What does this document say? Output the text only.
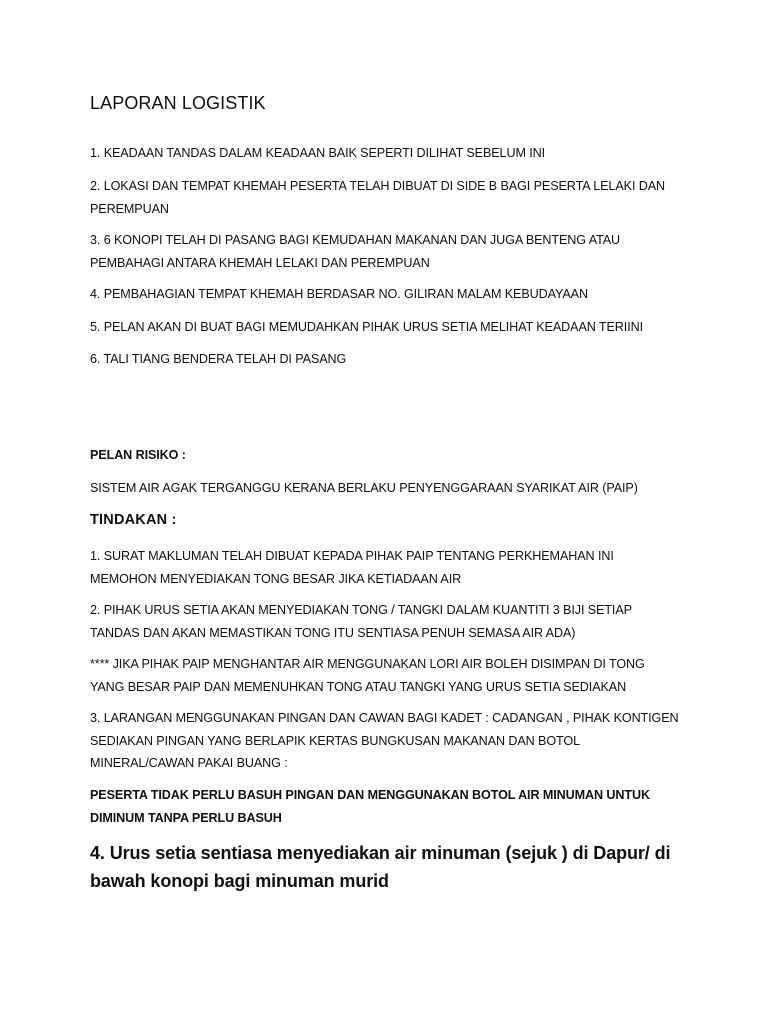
LAPORAN LOGISTIK

1. KEADAAN TANDAS DALAM KEADAAN BAIK SEPERTI DILIHAT SEBELUM INI

2. LOKASI DAN TEMPAT KHEMAH PESERTA TELAH DIBUAT DI SIDE B BAGI PESERTA LELAKI DAN PEREMPUAN

3. 6 KONOPI TELAH DI PASANG BAGI KEMUDAHAN MAKANAN DAN JUGA BENTENG ATAU PEMBAHAGI ANTARA KHEMAH LELAKI DAN PEREMPUAN

4. PEMBAHAGIAN TEMPAT KHEMAH BERDASAR NO. GILIRAN MALAM KEBUDAYAAN

5. PELAN AKAN DI BUAT BAGI MEMUDAHKAN PIHAK URUS SETIA MELIHAT KEADAAN TERIINI

6. TALI TIANG BENDERA TELAH DI PASANG

PELAN RISIKO :

SISTEM AIR AGAK TERGANGGU KERANA BERLAKU PENYENGGARAAN SYARIKAT AIR (PAIP)

TINDAKAN :

1. SURAT MAKLUMAN TELAH DIBUAT KEPADA PIHAK PAIP TENTANG PERKHEMAHAN INI MEMOHON MENYEDIAKAN TONG BESAR JIKA KETIADAAN AIR

2. PIHAK URUS SETIA AKAN MENYEDIAKAN TONG / TANGKI DALAM KUANTITI 3 BIJI SETIAP TANDAS DAN AKAN MEMASTIKAN TONG ITU SENTIASA PENUH SEMASA AIR ADA)

**** JIKA PIHAK PAIP MENGHANTAR AIR MENGGUNAKAN LORI AIR BOLEH DISIMPAN DI TONG YANG BESAR PAIP DAN MEMENUHKAN TONG ATAU TANGKI YANG URUS SETIA SEDIAKAN

3. LARANGAN MENGGUNAKAN PINGAN DAN CAWAN BAGI KADET : CADANGAN , PIHAK KONTIGEN SEDIAKAN PINGAN YANG BERLAPIK KERTAS BUNGKUSAN MAKANAN DAN BOTOL MINERAL/CAWAN PAKAI BUANG :

PESERTA TIDAK PERLU BASUH PINGAN DAN MENGGUNAKAN BOTOL AIR MINUMAN UNTUK DIMINUM TANPA PERLU BASUH

4. Urus setia sentiasa menyediakan air minuman (sejuk ) di Dapur/ di bawah konopi bagi minuman murid
